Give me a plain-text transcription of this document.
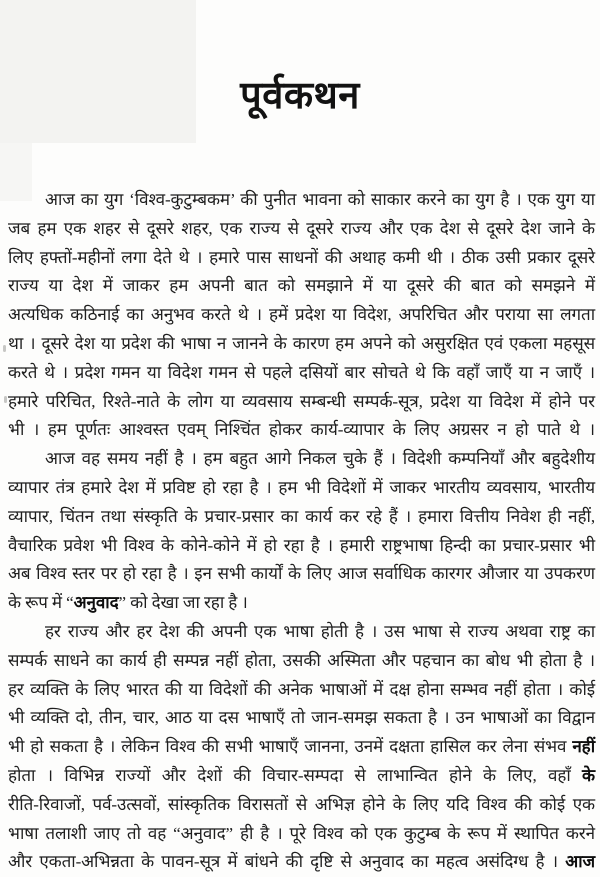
पूर्वकथन

आज का युग ‘विश्व-कुटुम्बकम’ की पुनीत भावना को साकार करने का युग है । एक युग या
जब हम एक शहर से दूसरे शहर, एक राज्य से दूसरे राज्य और एक देश से दूसरे देश जाने के
लिए हफ्तों-महीनों लगा देते थे । हमारे पास साधनों की अथाह कमी थी । ठीक उसी प्रकार दूसरे
राज्य या देश में जाकर हम अपनी बात को समझाने में या दूसरे की बात को समझने में
अत्यधिक कठिनाई का अनुभव करते थे । हमें प्रदेश या विदेश, अपरिचित और पराया सा लगता
था । दूसरे देश या प्रदेश की भाषा न जानने के कारण हम अपने को असुरक्षित एवं एकला महसूस
करते थे । प्रदेश गमन या विदेश गमन से पहले दसियों बार सोचते थे कि वहाँ जाएँ या न जाएँ ।
हमारे परिचित, रिश्ते-नाते के लोग या व्यवसाय सम्बन्धी सम्पर्क-सूत्र, प्रदेश या विदेश में होने पर
भी । हम पूर्णतः आश्वस्त एवम् निश्चिंत होकर कार्य-व्यापार के लिए अग्रसर न हो पाते थे ।

आज वह समय नहीं है । हम बहुत आगे निकल चुके हैं । विदेशी कम्पनियाँ और बहुदेशीय
व्यापार तंत्र हमारे देश में प्रविष्ट हो रहा है । हम भी विदेशों में जाकर भारतीय व्यवसाय, भारतीय
व्यापार, चिंतन तथा संस्कृति के प्रचार-प्रसार का कार्य कर रहे हैं । हमारा वित्तीय निवेश ही नहीं,
वैचारिक प्रवेश भी विश्व के कोने-कोने में हो रहा है । हमारी राष्ट्रभाषा हिन्दी का प्रचार-प्रसार भी
अब विश्व स्तर पर हो रहा है । इन सभी कार्यों के लिए आज सर्वाधिक कारगर औजार या उपकरण
के रूप में “अनुवाद” को देखा जा रहा है ।

हर राज्य और हर देश की अपनी एक भाषा होती है । उस भाषा से राज्य अथवा राष्ट्र का
सम्पर्क साधने का कार्य ही सम्पन्न नहीं होता, उसकी अस्मिता और पहचान का बोध भी होता है ।
हर व्यक्ति के लिए भारत की या विदेशों की अनेक भाषाओं में दक्ष होना सम्भव नहीं होता । कोई
भी व्यक्ति दो, तीन, चार, आठ या दस भाषाएँ तो जान-समझ सकता है । उन भाषाओं का विद्वान
भी हो सकता है । लेकिन विश्व की सभी भाषाएँ जानना, उनमें दक्षता हासिल कर लेना संभव नहीं
होता । विभिन्न राज्यों और देशों की विचार-सम्पदा से लाभान्वित होने के लिए, वहाँ के
रीति-रिवाजों, पर्व-उत्सवों, सांस्कृतिक विरासतों से अभिज्ञ होने के लिए यदि विश्व की कोई एक
भाषा तलाशी जाए तो वह “अनुवाद” ही है । पूरे विश्व को एक कुटुम्ब के रूप में स्थापित करने
और एकता-अभिन्नता के पावन-सूत्र में बांधने की दृष्टि से अनुवाद का महत्व असंदिग्ध है । आज
